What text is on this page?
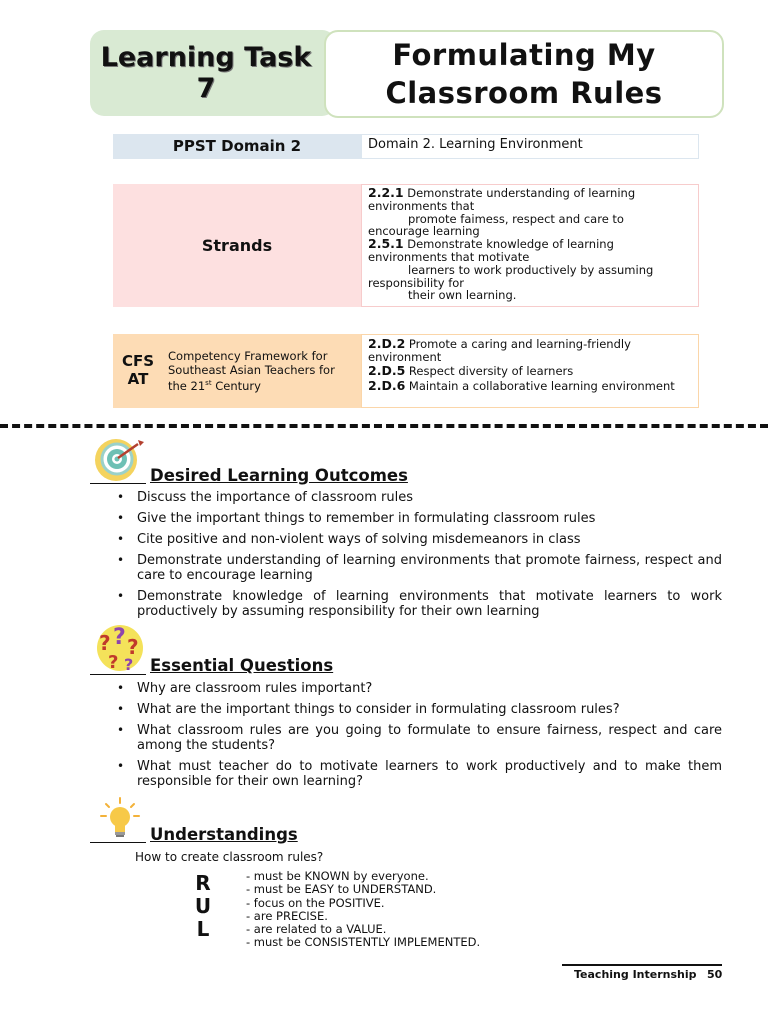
Learning Task
7
Formulating My
Classroom Rules
PPST Domain 2	Domain 2. Learning Environment
Strands
2.2.1 Demonstrate understanding of learning environments that
promote faimess, respect and care to
encourage learning
2.5.1 Demonstrate knowledge of learning environments that motivate
learners to work productively by assuming
responsibility for
their own learning.
CFS
AT
Competency Framework for
Southeast Asian Teachers for
the 21st Century
2.D.2 Promote a caring and learning-friendly environment
2.D.5 Respect diversity of learners
2.D.6 Maintain a collaborative learning environment
Desired Learning Outcomes
• Discuss the importance of classroom rules
• Give the important things to remember in formulating classroom rules
• Cite positive and non-violent ways of solving misdemeanors in class
• Demonstrate understanding of learning environments that promote fairness, respect and care to encourage learning
• Demonstrate knowledge of learning environments that motivate learners to work productively by assuming responsibility for their own learning
? ? ?
? ? Essential Questions
• Why are classroom rules important?
• What are the important things to consider in formulating classroom rules?
• What classroom rules are you going to formulate to ensure fairness, respect and care among the students?
• What must teacher do to motivate learners to work productively and to make them responsible for their own learning?
Understandings
How to create classroom rules?
R
U
L
- must be KNOWN by everyone.
- must be EASY to UNDERSTAND.
- focus on the POSITIVE.
- are PRECISE.
- are related to a VALUE.
- must be CONSISTENTLY IMPLEMENTED.
Teaching Internship 50
